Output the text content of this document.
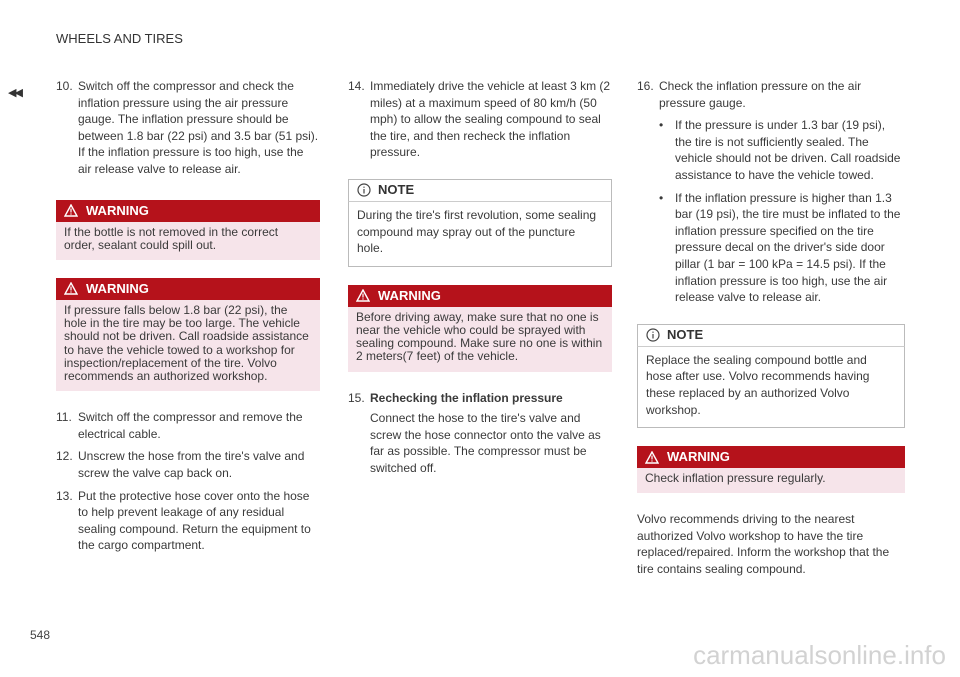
WHEELS AND TIRES
◀◀	10. Switch off the compressor and check the inflation pressure using the air pressure gauge. The inflation pressure should be between 1.8 bar (22 psi) and 3.5 bar (51 psi). If the inflation pressure is too high, use the air release valve to release air.
WARNING
If the bottle is not removed in the correct order, sealant could spill out.
WARNING
If pressure falls below 1.8 bar (22 psi), the hole in the tire may be too large. The vehicle should not be driven. Call roadside assistance to have the vehicle towed to a workshop for inspection/replacement of the tire. Volvo recommends an authorized workshop.
11. Switch off the compressor and remove the electrical cable.
12. Unscrew the hose from the tire's valve and screw the valve cap back on.
13. Put the protective hose cover onto the hose to help prevent leakage of any residual sealing compound. Return the equipment to the cargo compartment.
14. Immediately drive the vehicle at least 3 km (2 miles) at a maximum speed of 80 km/h (50 mph) to allow the sealing compound to seal the tire, and then recheck the inflation pressure.
NOTE
During the tire's first revolution, some sealing compound may spray out of the puncture hole.
WARNING
Before driving away, make sure that no one is near the vehicle who could be sprayed with sealing compound. Make sure no one is within 2 meters(7 feet) of the vehicle.
15. Rechecking the inflation pressure
Connect the hose to the tire's valve and screw the hose connector onto the valve as far as possible. The compressor must be switched off.
16. Check the inflation pressure on the air pressure gauge.
• If the pressure is under 1.3 bar (19 psi), the tire is not sufficiently sealed. The vehicle should not be driven. Call roadside assistance to have the vehicle towed.
• If the inflation pressure is higher than 1.3 bar (19 psi), the tire must be inflated to the inflation pressure specified on the tire pressure decal on the driver's side door pillar (1 bar = 100 kPa = 14.5 psi). If the inflation pressure is too high, use the air release valve to release air.
NOTE
Replace the sealing compound bottle and hose after use. Volvo recommends having these replaced by an authorized Volvo workshop.
WARNING
Check inflation pressure regularly.
Volvo recommends driving to the nearest authorized Volvo workshop to have the tire replaced/repaired. Inform the workshop that the tire contains sealing compound.
548
carmanualsonline.info
